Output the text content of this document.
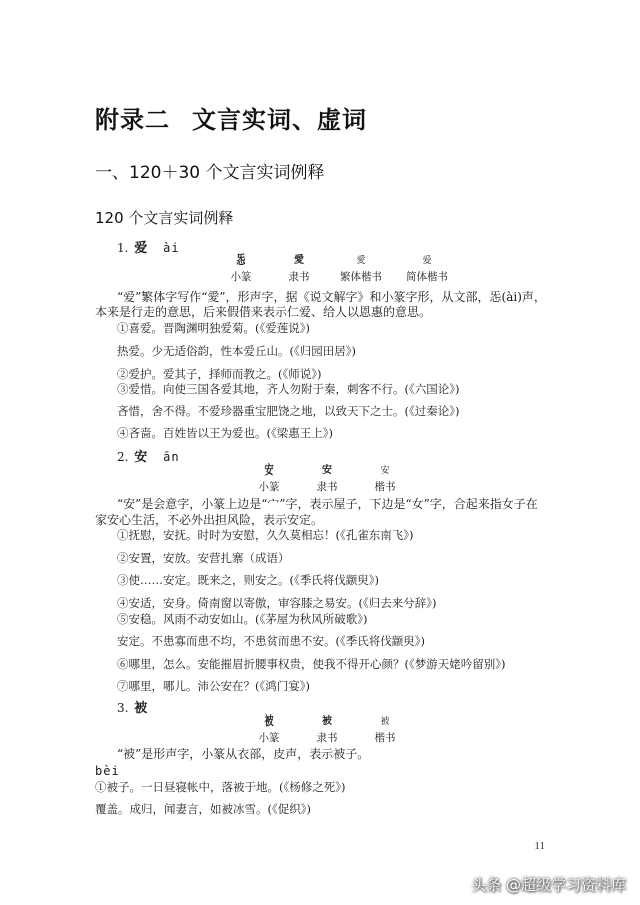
附录二 文言实词、虚词
一、120＋30 个文言实词例释
120 个文言实词例释
1. 爱 ài
㤅
小篆
愛
隶书
愛
繁体楷书
爱
简体楷书
“爱”繁体字写作“愛”，形声字，据《说文解字》和小篆字形，从文部，㤅(ài)声，
本来是行走的意思，后来假借来表示仁爱、给人以恩惠的意思。
①喜爱。晋陶渊明独爱菊。(《爱莲说》)
热爱。少无适俗韵，性本爱丘山。(《归园田居》)
②爱护。爱其子，择师而教之。(《师说》)
③爱惜。向使三国各爱其地，齐人勿附于秦，刺客不行。(《六国论》)
吝惜，舍不得。不爱珍器重宝肥饶之地，以致天下之士。(《过秦论》)
④吝啬。百姓皆以王为爱也。(《梁惠王上》)
2. 安 ān
安
小篆
安
隶书
安
楷书
“安”是会意字，小篆上边是“宀”字，表示屋子，下边是“女”字，合起来指女子在
家安心生活，不必外出担风险，表示安定。
①抚慰，安抚。时时为安慰，久久莫相忘！(《孔雀东南飞》)
②安置，安放。安营扎寨（成语）
③使……安定。既来之，则安之。(《季氏将伐颛臾》)
④安适，安身。倚南窗以寄傲，审容膝之易安。(《归去来兮辞》)
⑤安稳。风雨不动安如山。(《茅屋为秋风所破歌》)
安定。不患寡而患不均，不患贫而患不安。(《季氏将伐颛臾》)
⑥哪里，怎么。安能摧眉折腰事权贵，使我不得开心颜？(《梦游天姥吟留别》)
⑦哪里，哪儿。沛公安在？(《鸿门宴》)
3. 被
被
小篆
被
隶书
被
楷书
“被”是形声字，小篆从衣部，皮声，表示被子。
bèi
①被子。一日昼寝帐中，落被于地。(《杨修之死》)
覆盖。成归，闻妻言，如被冰雪。(《促织》)
11
头条 @超级学习资料库
